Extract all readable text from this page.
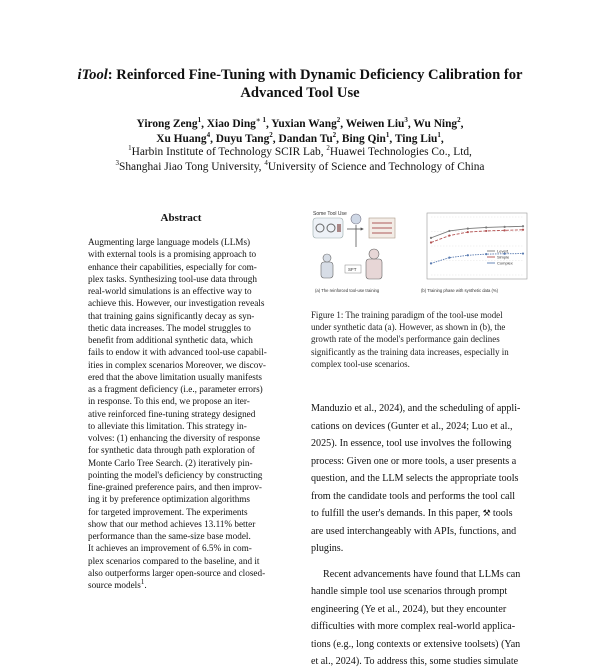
iTool: Reinforced Fine-Tuning with Dynamic Deficiency Calibration for
Advanced Tool Use
Yirong Zeng$^1$, Xiao Ding$^{∗ 1}$, Yuxian Wang$^2$, Weiwen Liu$^3$, Wu Ning$^2$,
Xu Huang$^4$, Duyu Tang$^2$, Dandan Tu$^2$, Bing Qin$^1$, Ting Liu$^1$,
$^1$Harbin Institute of Technology SCIR Lab, $^2$Huawei Technologies Co., Ltd,
$^3$Shanghai Jiao Tong University, $^4$University of Science and Technology of China
Abstract
Augmenting large language models (LLMs)
with external tools is a promising approach to
enhance their capabilities, especially for com-
plex tasks. Synthesizing tool-use data through
real-world simulations is an effective way to
achieve this. However, our investigation reveals
that training gains significantly decay as syn-
thetic data increases. The model struggles to
benefit from additional synthetic data, which
fails to endow it with advanced tool-use capabil-
ities in complex scenarios Moreover, we discov-
ered that the above limitation usually manifests
as a fragment deficiency (i.e., parameter errors)
in response. To this end, we propose an iter-
ative reinforced fine-tuning strategy designed
to alleviate this limitation. This strategy in-
volves: (1) enhancing the diversity of response
for synthetic data through path exploration of
Monte Carlo Tree Search. (2) iteratively pin-
pointing the model's deficiency by constructing
fine-grained preference pairs, and then improv-
ing it by preference optimization algorithms
for targeted improvement. The experiments
show that our method achieves 13.11% better
performance than the same-size base model.
It achieves an improvement of 6.5% in com-
plex scenarios compared to the baseline, and it
also outperforms larger open-source and closed-
source models$^1$.
Some Tool Use
SFT
(a) The reinforced tool-use training
Level1
Simple
Complex
(b) Training phase with synthetic data (%)
Figure 1: The training paradigm of the tool-use model
under synthetic data (a). However, as shown in (b), the
growth rate of the model's performance gain declines
significantly as the training data increases, especially in
complex tool-use scenarios.
Manduzio et al., 2024), and the scheduling of appli-
cations on devices (Gunter et al., 2024; Luo et al.,
2025). In essence, tool use involves the following
process: Given one or more tools, a user presents a
question, and the LLM selects the appropriate tools
from the candidate tools and performs the tool call
to fulfill the user's demands. In this paper, ⚒ tools
are used interchangeably with APIs, functions, and
plugins.
Recent advancements have found that LLMs can
handle simple tool use scenarios through prompt
engineering (Ye et al., 2024), but they encounter
difficulties with more complex real-world applica-
tions (e.g., long contexts or extensive toolsets) (Yan
et al., 2024). To address this, some studies simulate
